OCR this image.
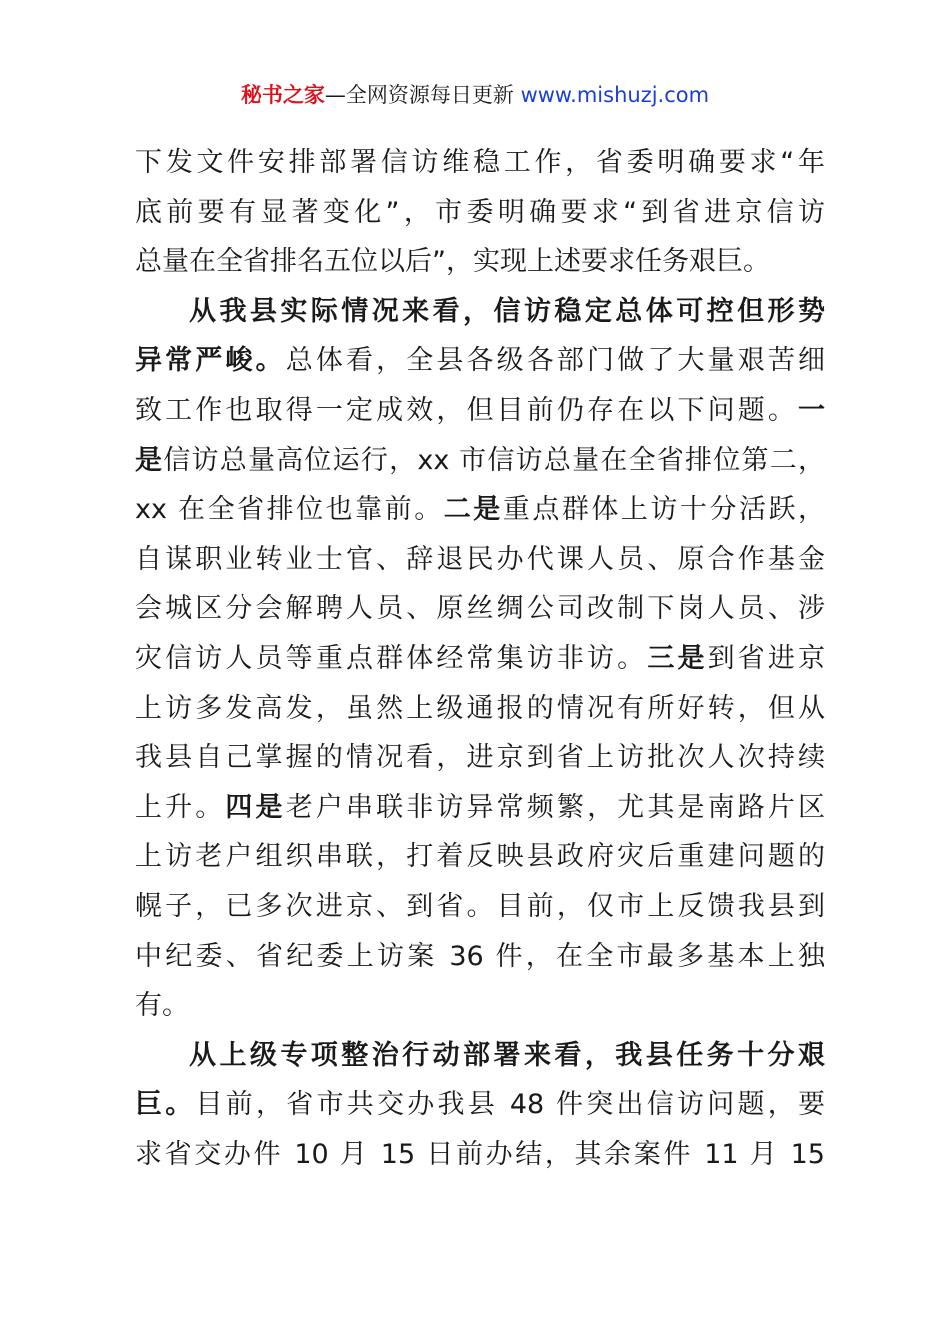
秘书之家—全网资源每日更新 www.mishuzj.com
下发文件安排部署信访维稳工作，省委明确要求“年
底前要有显著变化”，市委明确要求“到省进京信访
总量在全省排名五位以后”，实现上述要求任务艰巨。
从我县实际情况来看，信访稳定总体可控但形势
异常严峻。总体看，全县各级各部门做了大量艰苦细
致工作也取得一定成效，但目前仍存在以下问题。一
是信访总量高位运行，xx 市信访总量在全省排位第二，
xx 在全省排位也靠前。二是重点群体上访十分活跃，
自谋职业转业士官、辞退民办代课人员、原合作基金
会城区分会解聘人员、原丝绸公司改制下岗人员、涉
灾信访人员等重点群体经常集访非访。三是到省进京
上访多发高发，虽然上级通报的情况有所好转，但从
我县自己掌握的情况看，进京到省上访批次人次持续
上升。四是老户串联非访异常频繁，尤其是南路片区
上访老户组织串联，打着反映县政府灾后重建问题的
幌子，已多次进京、到省。目前，仅市上反馈我县到
中纪委、省纪委上访案 36 件，在全市最多基本上独
有。
从上级专项整治行动部署来看，我县任务十分艰
巨。目前，省市共交办我县 48 件突出信访问题，要
求省交办件 10 月 15 日前办结，其余案件 11 月 15
